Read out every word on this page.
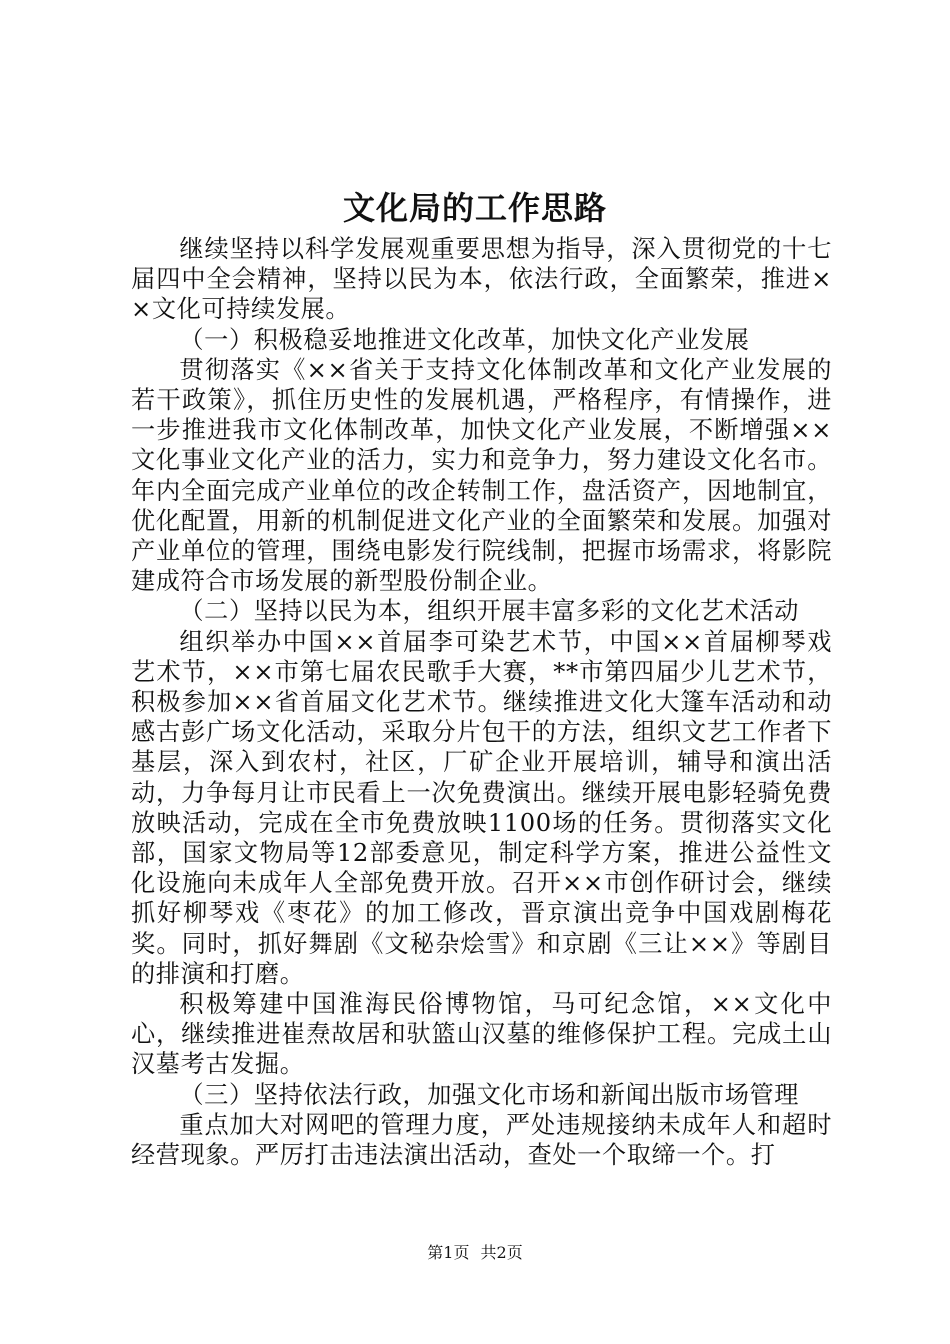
文化局的工作思路

继续坚持以科学发展观重要思想为指导，深入贯彻党的十七届四中全会精神，坚持以民为本，依法行政，全面繁荣，推进××文化可持续发展。

（一）积极稳妥地推进文化改革，加快文化产业发展

贯彻落实《××省关于支持文化体制改革和文化产业发展的若干政策》，抓住历史性的发展机遇，严格程序，有情操作，进一步推进我市文化体制改革，加快文化产业发展，不断增强××文化事业文化产业的活力，实力和竞争力，努力建设文化名市。年内全面完成产业单位的改企转制工作，盘活资产，因地制宜，优化配置，用新的机制促进文化产业的全面繁荣和发展。加强对产业单位的管理，围绕电影发行院线制，把握市场需求，将影院建成符合市场发展的新型股份制企业。

（二）坚持以民为本，组织开展丰富多彩的文化艺术活动

组织举办中国××首届李可染艺术节，中国××首届柳琴戏艺术节，××市第七届农民歌手大赛，**市第四届少儿艺术节，积极参加××省首届文化艺术节。继续推进文化大篷车活动和动感古彭广场文化活动，采取分片包干的方法，组织文艺工作者下基层，深入到农村，社区，厂矿企业开展培训，辅导和演出活动，力争每月让市民看上一次免费演出。继续开展电影轻骑免费放映活动，完成在全市免费放映1100场的任务。贯彻落实文化部，国家文物局等12部委意见，制定科学方案，推进公益性文化设施向未成年人全部免费开放。召开××市创作研讨会，继续抓好柳琴戏《枣花》的加工修改，晋京演出竞争中国戏剧梅花奖。同时，抓好舞剧《文秘杂烩雪》和京剧《三让××》等剧目的排演和打磨。

积极筹建中国淮海民俗博物馆，马可纪念馆，××文化中心，继续推进崔焘故居和驮篮山汉墓的维修保护工程。完成土山汉墓考古发掘。

（三）坚持依法行政，加强文化市场和新闻出版市场管理

重点加大对网吧的管理力度，严处违规接纳未成年人和超时经营现象。严厉打击违法演出活动，查处一个取缔一个。打

第1页 共2页
